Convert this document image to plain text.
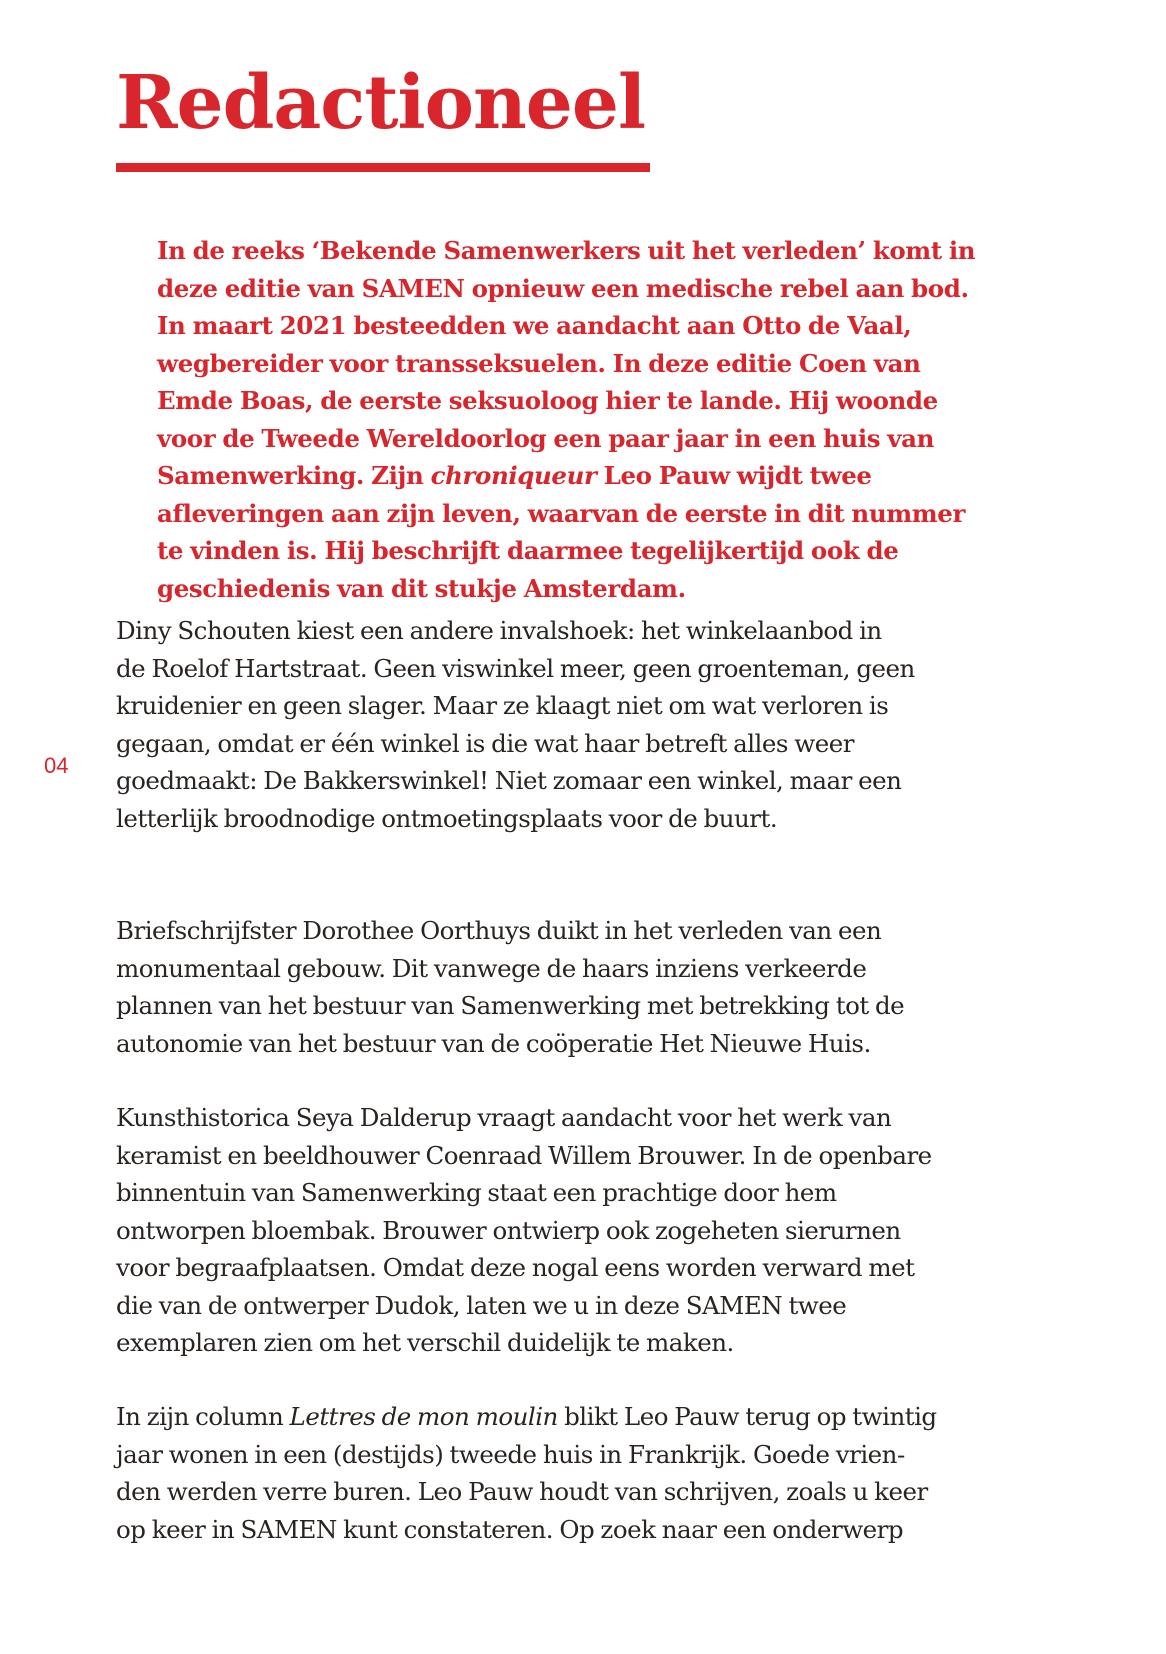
Redactioneel
In de reeks ‘Bekende Samenwerkers uit het verleden’ komt in
deze editie van SAMEN opnieuw een medische rebel aan bod.
In maart 2021 besteedden we aandacht aan Otto de Vaal,
wegbereider voor transseksuelen. In deze editie Coen van
Emde Boas, de eerste seksuoloog hier te lande. Hij woonde
voor de Tweede Wereldoorlog een paar jaar in een huis van
Samenwerking. Zijn chroniqueur Leo Pauw wijdt twee
afleveringen aan zijn leven, waarvan de eerste in dit nummer
te vinden is. Hij beschrijft daarmee tegelijkertijd ook de
geschiedenis van dit stukje Amsterdam.
04
Diny Schouten kiest een andere invalshoek: het winkelaanbod in
de Roelof Hartstraat. Geen viswinkel meer, geen groenteman, geen
kruidenier en geen slager. Maar ze klaagt niet om wat verloren is
gegaan, omdat er één winkel is die wat haar betreft alles weer
goedmaakt: De Bakkerswinkel! Niet zomaar een winkel, maar een
letterlijk broodnodige ontmoetingsplaats voor de buurt.
Briefschrijfster Dorothee Oorthuys duikt in het verleden van een
monumentaal gebouw. Dit vanwege de haars inziens verkeerde
plannen van het bestuur van Samenwerking met betrekking tot de
autonomie van het bestuur van de coöperatie Het Nieuwe Huis.
Kunsthistorica Seya Dalderup vraagt aandacht voor het werk van
keramist en beeldhouwer Coenraad Willem Brouwer. In de openbare
binnentuin van Samenwerking staat een prachtige door hem
ontworpen bloembak. Brouwer ontwierp ook zogeheten sierurnen
voor begraafplaatsen. Omdat deze nogal eens worden verward met
die van de ontwerper Dudok, laten we u in deze SAMEN twee
exemplaren zien om het verschil duidelijk te maken.
In zijn column Lettres de mon moulin blikt Leo Pauw terug op twintig
jaar wonen in een (destijds) tweede huis in Frankrijk. Goede vrien-
den werden verre buren. Leo Pauw houdt van schrijven, zoals u keer
op keer in SAMEN kunt constateren. Op zoek naar een onderwerp
